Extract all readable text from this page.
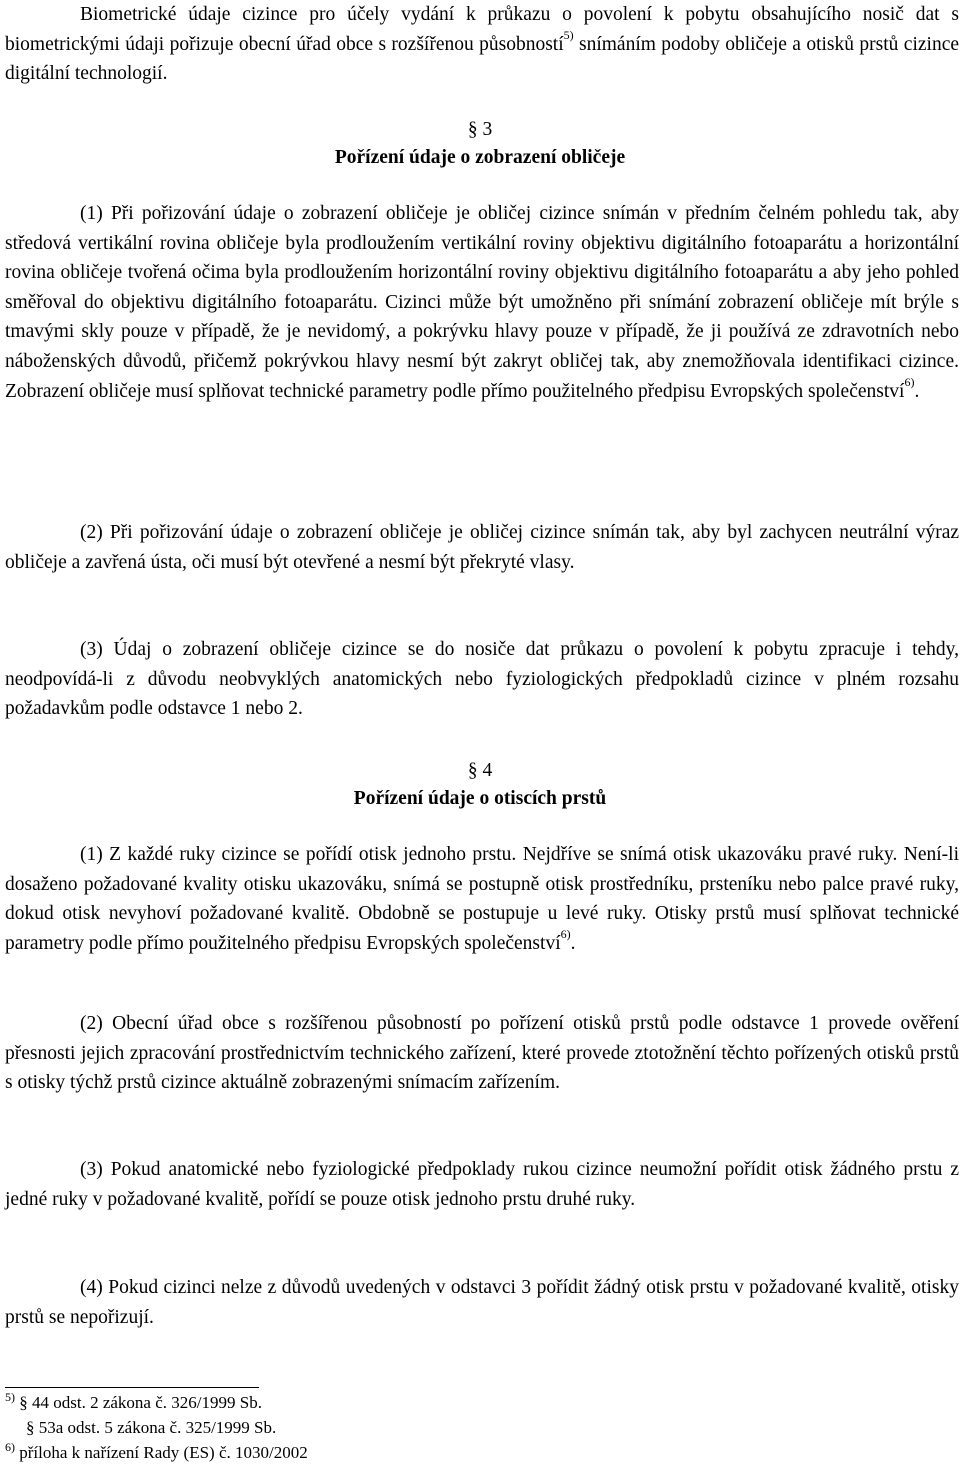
Biometrické údaje cizince pro účely vydání k průkazu o povolení k pobytu obsahujícího nosič dat s biometrickými údaji pořizuje obecní úřad obce s rozšířenou působností$^{5)}$ snímáním podoby obličeje a otisků prstů cizince digitální technologií.

§ 3
Pořízení údaje o zobrazení obličeje

(1) Při pořizování údaje o zobrazení obličeje je obličej cizince snímán v předním čelném pohledu tak, aby středová vertikální rovina obličeje byla prodloužením vertikální roviny objektivu digitálního fotoaparátu a horizontální rovina obličeje tvořená očima byla prodloužením horizontální roviny objektivu digitálního fotoaparátu a aby jeho pohled směřoval do objektivu digitálního fotoaparátu. Cizinci může být umožněno při snímání zobrazení obličeje mít brýle s tmavými skly pouze v případě, že je nevidomý, a pokrývku hlavy pouze v případě, že ji používá ze zdravotních nebo náboženských důvodů, přičemž pokrývkou hlavy nesmí být zakryt obličej tak, aby znemožňovala identifikaci cizince. Zobrazení obličeje musí splňovat technické parametry podle přímo použitelného předpisu Evropských společenství$^{6)}$.

(2) Při pořizování údaje o zobrazení obličeje je obličej cizince snímán tak, aby byl zachycen neutrální výraz obličeje a zavřená ústa, oči musí být otevřené a nesmí být překryté vlasy.

(3) Údaj o zobrazení obličeje cizince se do nosiče dat průkazu o povolení k pobytu zpracuje i tehdy, neodpovídá-li z důvodu neobvyklých anatomických nebo fyziologických předpokladů cizince v plném rozsahu požadavkům podle odstavce 1 nebo 2.

§ 4
Pořízení údaje o otiscích prstů

(1) Z každé ruky cizince se pořídí otisk jednoho prstu. Nejdříve se snímá otisk ukazováku pravé ruky. Není-li dosaženo požadované kvality otisku ukazováku, snímá se postupně otisk prostředníku, prsteníku nebo palce pravé ruky, dokud otisk nevyhoví požadované kvalitě. Obdobně se postupuje u levé ruky. Otisky prstů musí splňovat technické parametry podle přímo použitelného předpisu Evropských společenství$^{6)}$.

(2) Obecní úřad obce s rozšířenou působností po pořízení otisků prstů podle odstavce 1 provede ověření přesnosti jejich zpracování prostřednictvím technického zařízení, které provede ztotožnění těchto pořízených otisků prstů s otisky týchž prstů cizince aktuálně zobrazenými snímacím zařízením.

(3) Pokud anatomické nebo fyziologické předpoklady rukou cizince neumožní pořídit otisk žádného prstu z jedné ruky v požadované kvalitě, pořídí se pouze otisk jednoho prstu druhé ruky.

(4) Pokud cizinci nelze z důvodů uvedených v odstavci 3 pořídit žádný otisk prstu v požadované kvalitě, otisky prstů se nepořizují.

$^{5)}$ § 44 odst. 2 zákona č. 326/1999 Sb.

§ 53a odst. 5 zákona č. 325/1999 Sb.

$^{6)}$ příloha k nařízení Rady (ES) č. 1030/2002
